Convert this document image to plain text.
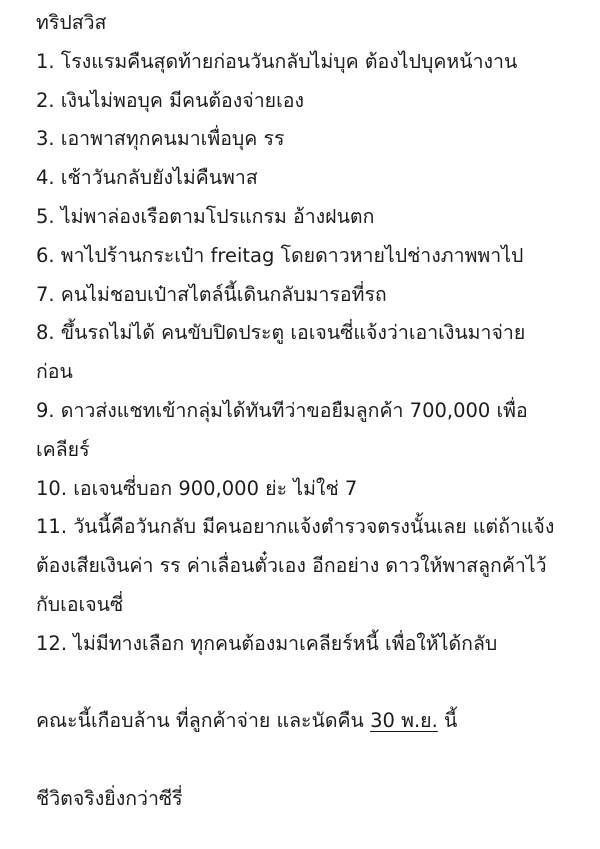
ทริปสวิส
1. โรงแรมคืนสุดท้ายก่อนวันกลับไม่บุค ต้องไปบุคหน้างาน
2. เงินไม่พอบุค มีคนต้องจ่ายเอง
3. เอาพาสทุกคนมาเพื่อบุค รร
4. เช้าวันกลับยังไม่คืนพาส
5. ไม่พาล่องเรือตามโปรแกรม อ้างฝนตก
6. พาไปร้านกระเป๋า freitag โดยดาวหายไปช่างภาพพาไป
7. คนไม่ชอบเป๋าสไตล์นี้เดินกลับมารอที่รถ
8. ขึ้นรถไม่ได้ คนขับปิดประตู เอเจนซี่แจ้งว่าเอาเงินมาจ่าย
ก่อน
9. ดาวส่งแชทเข้ากลุ่มได้ทันทีว่าขอยืมลูกค้า 700,000 เพื่อ
เคลียร์
10. เอเจนซี่บอก 900,000 ย่ะ ไม่ใช่ 7
11. วันนี้คือวันกลับ มีคนอยากแจ้งตำรวจตรงนั้นเลย แต่ถ้าแจ้ง
ต้องเสียเงินค่า รร ค่าเลื่อนตั๋วเอง อีกอย่าง ดาวให้พาสลูกค้าไว้
กับเอเจนซี่
12. ไม่มีทางเลือก ทุกคนต้องมาเคลียร์หนี้ เพื่อให้ได้กลับ
คณะนี้เกือบล้าน ที่ลูกค้าจ่าย และนัดคืน 30 พ.ย. นี้
ชีวิตจริงยิ่งกว่าซีรี่
